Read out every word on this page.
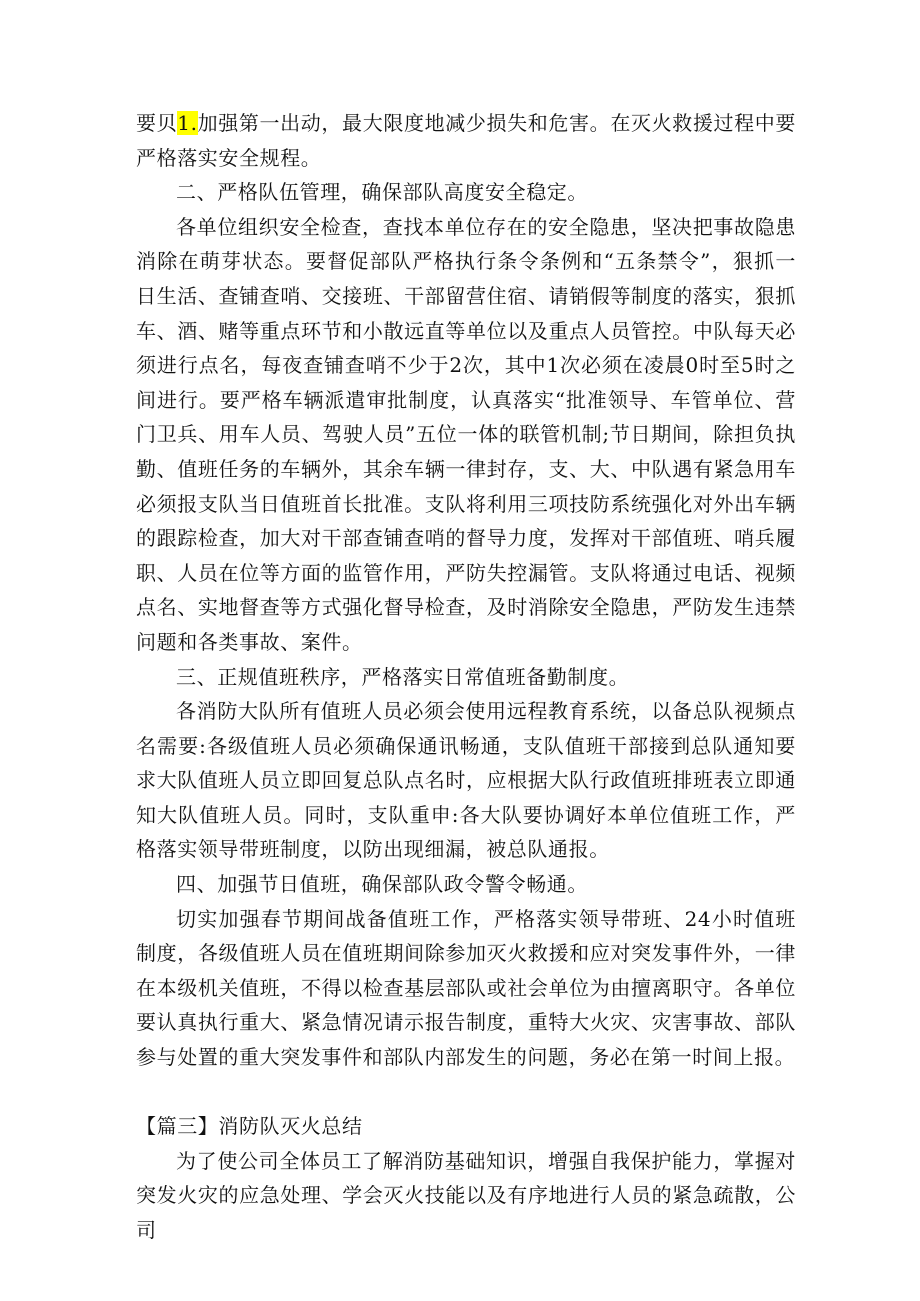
要贝1.加强第一出动，最大限度地减少损失和危害。在灭火救援过程中要严格落实安全规程。

二、严格队伍管理，确保部队高度安全稳定。

各单位组织安全检查，查找本单位存在的安全隐患，坚决把事故隐患消除在萌芽状态。要督促部队严格执行条令条例和“五条禁令”，狠抓一日生活、查铺查哨、交接班、干部留营住宿、请销假等制度的落实，狠抓车、酒、赌等重点环节和小散远直等单位以及重点人员管控。中队每天必须进行点名，每夜查铺查哨不少于2次，其中1次必须在凌晨0时至5时之间进行。要严格车辆派遣审批制度，认真落实“批准领导、车管单位、营门卫兵、用车人员、驾驶人员”五位一体的联管机制;节日期间，除担负执勤、值班任务的车辆外，其余车辆一律封存，支、大、中队遇有紧急用车必须报支队当日值班首长批准。支队将利用三项技防系统强化对外出车辆的跟踪检查，加大对干部查铺查哨的督导力度，发挥对干部值班、哨兵履职、人员在位等方面的监管作用，严防失控漏管。支队将通过电话、视频点名、实地督查等方式强化督导检查，及时消除安全隐患，严防发生违禁问题和各类事故、案件。

三、正规值班秩序，严格落实日常值班备勤制度。

各消防大队所有值班人员必须会使用远程教育系统，以备总队视频点名需要:各级值班人员必须确保通讯畅通，支队值班干部接到总队通知要求大队值班人员立即回复总队点名时，应根据大队行政值班排班表立即通知大队值班人员。同时，支队重申:各大队要协调好本单位值班工作，严格落实领导带班制度，以防出现细漏，被总队通报。

四、加强节日值班，确保部队政令警令畅通。

切实加强春节期间战备值班工作，严格落实领导带班、24小时值班制度，各级值班人员在值班期间除参加灭火救援和应对突发事件外，一律在本级机关值班，不得以检查基层部队或社会单位为由擅离职守。各单位要认真执行重大、紧急情况请示报告制度，重特大火灾、灾害事故、部队参与处置的重大突发事件和部队内部发生的问题，务必在第一时间上报。

【篇三】消防队灭火总结

为了使公司全体员工了解消防基础知识，增强自我保护能力，掌握对突发火灾的应急处理、学会灭火技能以及有序地进行人员的紧急疏散，公司
